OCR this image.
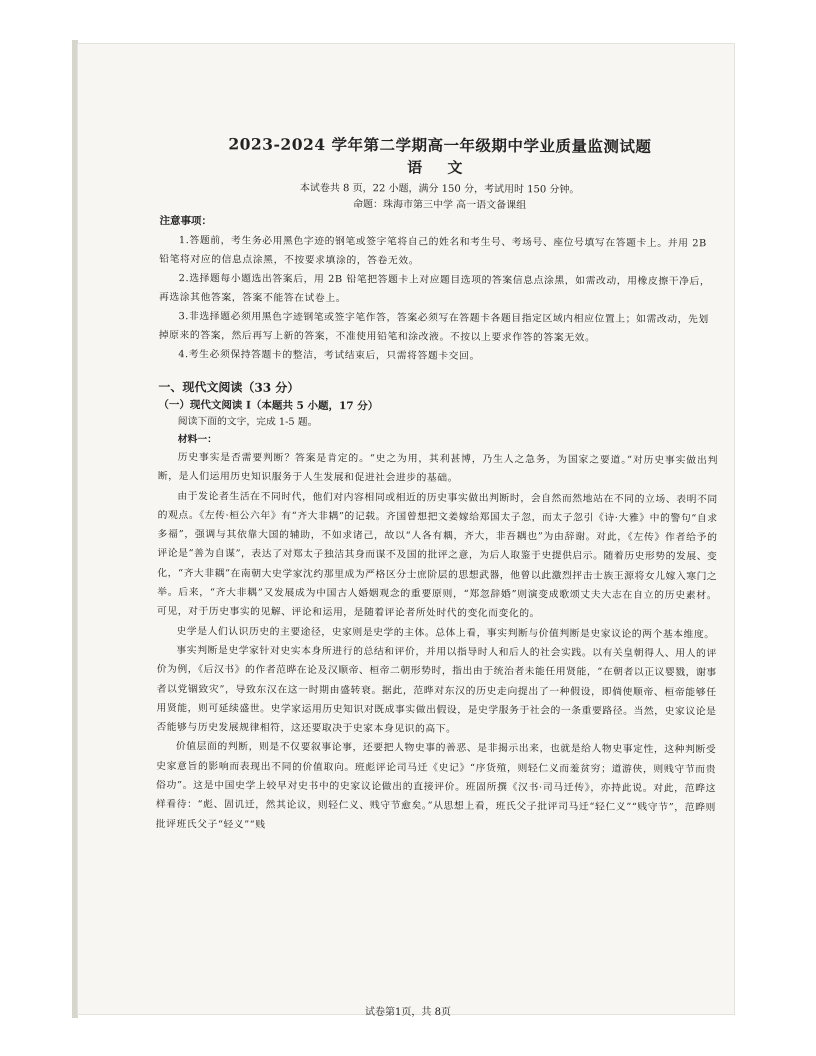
2023-2024 学年第二学期高一年级期中学业质量监测试题
语 文
本试卷共 8 页，22 小题，满分 150 分，考试用时 150 分钟。
命题：珠海市第三中学 高一语文备课组
注意事项：

1.答题前，考生务必用黑色字迹的钢笔或签字笔将自己的姓名和考生号、考场号、座位号填写在答题卡上。并用 2B 铅笔将对应的信息点涂黑，不按要求填涂的，答卷无效。

2.选择题每小题选出答案后，用 2B 铅笔把答题卡上对应题目选项的答案信息点涂黑，如需改动，用橡皮擦干净后，再选涂其他答案，答案不能答在试卷上。

3.非选择题必须用黑色字迹钢笔或签字笔作答，答案必须写在答题卡各题目指定区域内相应位置上；如需改动，先划掉原来的答案，然后再写上新的答案，不准使用铅笔和涂改液。不按以上要求作答的答案无效。

4.考生必须保持答题卡的整洁，考试结束后，只需将答题卡交回。

一、现代文阅读（33 分）
（一）现代文阅读 I（本题共 5 小题，17 分）

阅读下面的文字，完成 1-5 题。

材料一：

历史事实是否需要判断？答案是肯定的。“史之为用，其利甚博，乃生人之急务，为国家之要道。”对历史事实做出判断，是人们运用历史知识服务于人生发展和促进社会进步的基础。

由于发论者生活在不同时代，他们对内容相同或相近的历史事实做出判断时，会自然而然地站在不同的立场、表明不同的观点。《左传·桓公六年》有“齐大非耦”的记载。齐国曾想把文姜嫁给郑国太子忽，而太子忽引《诗·大雅》中的警句“自求多福”，强调与其依靠大国的辅助，不如求诸己，故以“人各有耦，齐大，非吾耦也”为由辞谢。对此，《左传》作者给予的评论是“善为自谋”，表达了对郑太子独洁其身而谋不及国的批评之意，为后人取鉴于史提供启示。随着历史形势的发展、变化，“齐大非耦”在南朝大史学家沈约那里成为严格区分士庶阶层的思想武器，他曾以此激烈抨击士族王源将女儿嫁入寒门之举。后来，“齐大非耦”又发展成为中国古人婚姻观念的重要原则，“郑忽辞婚”则演变成歌颂丈夫大志在自立的历史素材。可见，对于历史事实的见解、评论和运用，是随着评论者所处时代的变化而变化的。

史学是人们认识历史的主要途径，史家则是史学的主体。总体上看，事实判断与价值判断是史家议论的两个基本维度。

事实判断是史学家针对史实本身所进行的总结和评价，并用以指导时人和后人的社会实践。以有关皇朝得人、用人的评价为例，《后汉书》的作者范晔在论及汉顺帝、桓帝二朝形势时，指出由于统治者未能任用贤能，“在朝者以正议婴戮，谢事者以党锢致灾”，导致东汉在这一时期由盛转衰。据此，范晔对东汉的历史走向提出了一种假设，即倘使顺帝、桓帝能够任用贤能，则可延续盛世。史学家运用历史知识对既成事实做出假设，是史学服务于社会的一条重要路径。当然，史家议论是否能够与历史发展规律相符，这还要取决于史家本身见识的高下。

价值层面的判断，则是不仅要叙事论事，还要把人物史事的善恶、是非揭示出来，也就是给人物史事定性，这种判断受史家意旨的影响而表现出不同的价值取向。班彪评论司马迁《史记》“序货殖，则轻仁义而羞贫穷；道游侠，则贱守节而贵俗功”。这是中国史学上较早对史书中的史家议论做出的直接评价。班固所撰《汉书·司马迁传》，亦持此说。对此，范晔这样看待：“彪、固讥迁，然其论议，则轻仁义、贱守节愈矣。”从思想上看，班氏父子批评司马迁“轻仁义”“贱守节”，范晔则批评班氏父子“轻义”“贱

试卷第1页，共 8页
